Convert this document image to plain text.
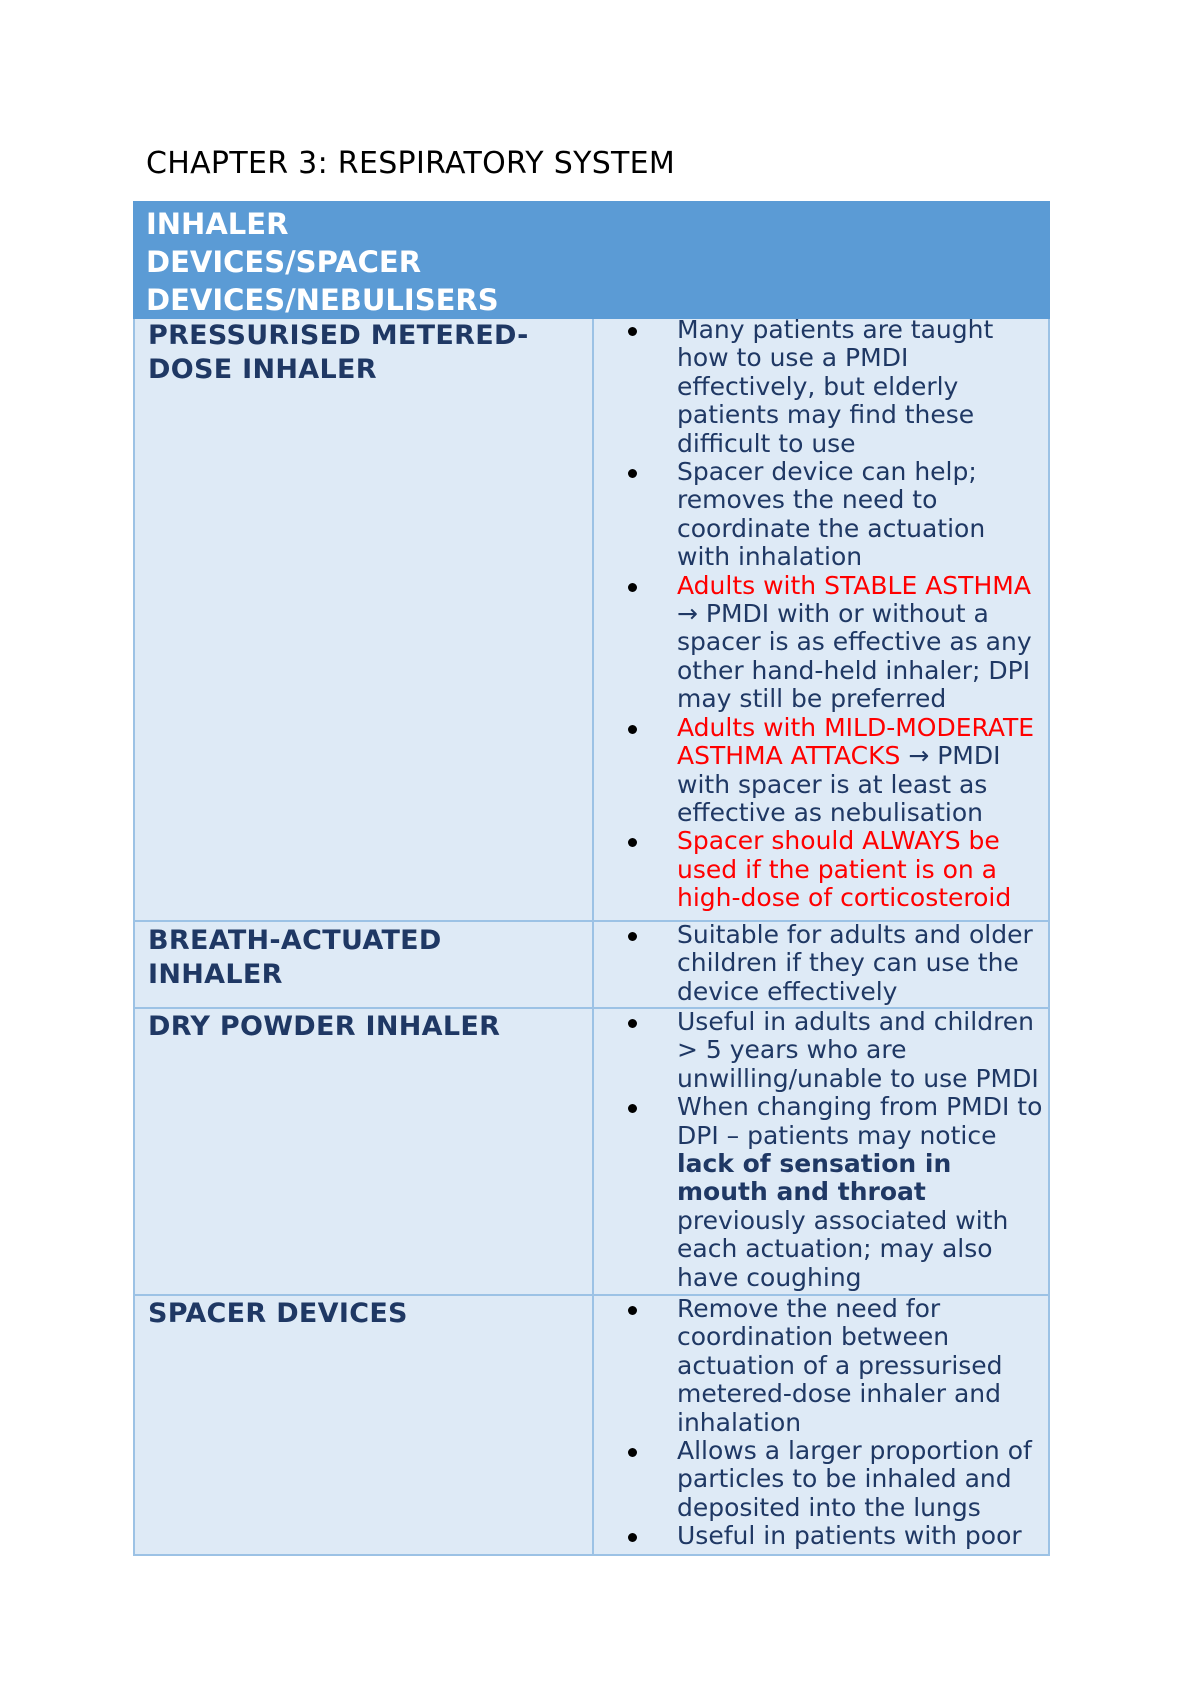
CHAPTER 3: RESPIRATORY SYSTEM
INHALER
DEVICES/SPACER
DEVICES/NEBULISERS
PRESSURISED METERED-
DOSE INHALER
Many patients are taught how to use a PMDI effectively, but elderly patients may find these difficult to use
Spacer device can help; removes the need to coordinate the actuation with inhalation
Adults with STABLE ASTHMA → PMDI with or without a spacer is as effective as any other hand-held inhaler; DPI may still be preferred
Adults with MILD-MODERATE ASTHMA ATTACKS → PMDI with spacer is at least as effective as nebulisation
Spacer should ALWAYS be used if the patient is on a high-dose of corticosteroid
BREATH-ACTUATED
INHALER
Suitable for adults and older children if they can use the device effectively
DRY POWDER INHALER	Useful in adults and children > 5 years who are unwilling/unable to use PMDI
When changing from PMDI to DPI – patients may notice lack of sensation in mouth and throat previously associated with each actuation; may also have coughing
SPACER DEVICES	Remove the need for coordination between actuation of a pressurised metered-dose inhaler and inhalation
Allows a larger proportion of particles to be inhaled and deposited into the lungs
Useful in patients with poor
